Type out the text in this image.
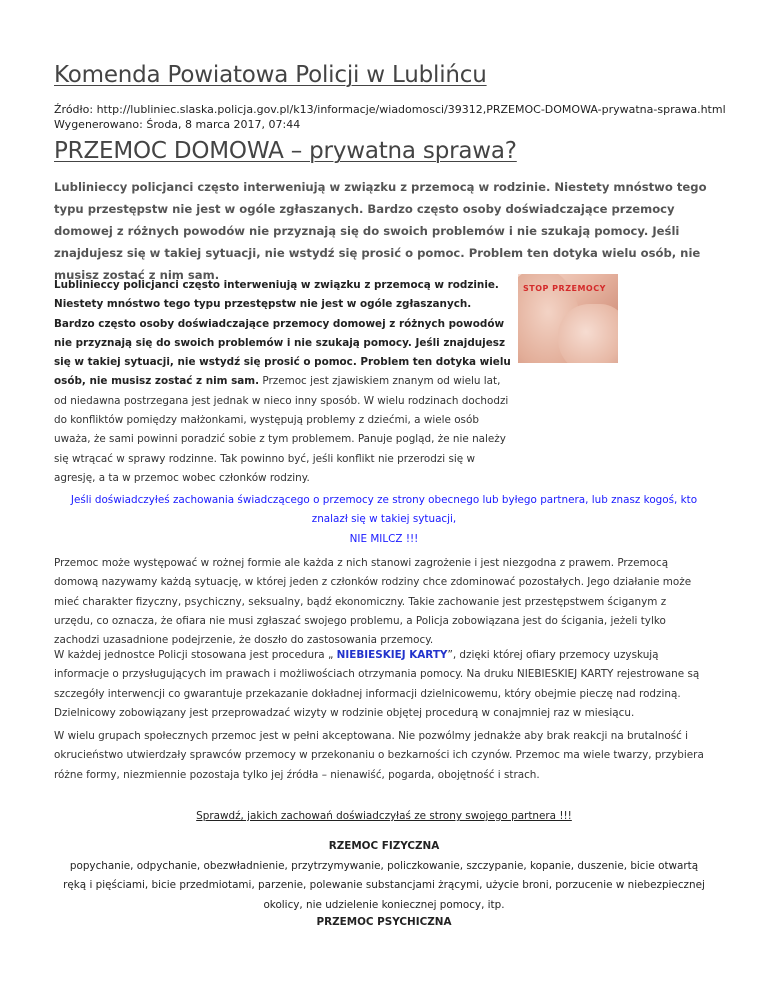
Komenda Powiatowa Policji w Lublińcu
Źródło: http://lubliniec.slaska.policja.gov.pl/k13/informacje/wiadomosci/39312,PRZEMOC-DOMOWA-prywatna-sprawa.html
Wygenerowano: Środa, 8 marca 2017, 07:44
PRZEMOC DOMOWA – prywatna sprawa?
Lublinieccy policjanci często interweniują w związku z przemocą w rodzinie. Niestety mnóstwo tego
typu przestępstw nie jest w ogóle zgłaszanych. Bardzo często osoby doświadczające przemocy
domowej z różnych powodów nie przyznają się do swoich problemów i nie szukają pomocy. Jeśli
znajdujesz się w takiej sytuacji, nie wstydź się prosić o pomoc. Problem ten dotyka wielu osób, nie
musisz zostać z nim sam.
Lublinieccy policjanci często interweniują w związku z przemocą w rodzinie.
Niestety mnóstwo tego typu przestępstw nie jest w ogóle zgłaszanych.
Bardzo często osoby doświadczające przemocy domowej z różnych powodów
nie przyznają się do swoich problemów i nie szukają pomocy. Jeśli znajdujesz
się w takiej sytuacji, nie wstydź się prosić o pomoc. Problem ten dotyka wielu
osób, nie musisz zostać z nim sam. Przemoc jest zjawiskiem znanym od wielu lat,
od niedawna postrzegana jest jednak w nieco inny sposób. W wielu rodzinach dochodzi
do konfliktów pomiędzy małżonkami, występują problemy z dziećmi, a wiele osób
uważa, że sami powinni poradzić sobie z tym problemem. Panuje pogląd, że nie należy
się wtrącać w sprawy rodzinne. Tak powinno być, jeśli konflikt nie przerodzi się w
agresję, a ta w przemoc wobec członków rodziny.
STOP PRZEMOCY
Jeśli doświadczyłeś zachowania świadczącego o przemocy ze strony obecnego lub byłego partnera, lub znasz kogoś, kto
znalazł się w takiej sytuacji,
NIE MILCZ !!!
Przemoc może występować w rożnej formie ale każda z nich stanowi zagrożenie i jest niezgodna z prawem. Przemocą
domową nazywamy każdą sytuację, w której jeden z członków rodziny chce zdominować pozostałych. Jego działanie może
mieć charakter fizyczny, psychiczny, seksualny, bądź ekonomiczny. Takie zachowanie jest przestępstwem ściganym z
urzędu, co oznacza, że ofiara nie musi zgłaszać swojego problemu, a Policja zobowiązana jest do ścigania, jeżeli tylko
zachodzi uzasadnione podejrzenie, że doszło do zastosowania przemocy.
W każdej jednostce Policji stosowana jest procedura „ NIEBIESKIEJ KARTY”, dzięki której ofiary przemocy uzyskują
informacje o przysługujących im prawach i możliwościach otrzymania pomocy. Na druku NIEBIESKIEJ KARTY rejestrowane są
szczegóły interwencji co gwarantuje przekazanie dokładnej informacji dzielnicowemu, który obejmie pieczę nad rodziną.
Dzielnicowy zobowiązany jest przeprowadzać wizyty w rodzinie objętej procedurą w conajmniej raz w miesiącu.
W wielu grupach społecznych przemoc jest w pełni akceptowana. Nie pozwólmy jednakże aby brak reakcji na brutalność i
okrucieństwo utwierdzały sprawców przemocy w przekonaniu o bezkarności ich czynów. Przemoc ma wiele twarzy, przybiera
różne formy, niezmiennie pozostaja tylko jej źródła – nienawiść, pogarda, obojętność i strach.
Sprawdź, jakich zachowań doświadczyłaś ze strony swojego partnera !!!
RZEMOC FIZYCZNA
popychanie, odpychanie, obezwładnienie, przytrzymywanie, policzkowanie, szczypanie, kopanie, duszenie, bicie otwartą
ręką i pięściami, bicie przedmiotami, parzenie, polewanie substancjami żrącymi, użycie broni, porzucenie w niebezpiecznej
okolicy, nie udzielenie koniecznej pomocy, itp.
PRZEMOC PSYCHICZNA
